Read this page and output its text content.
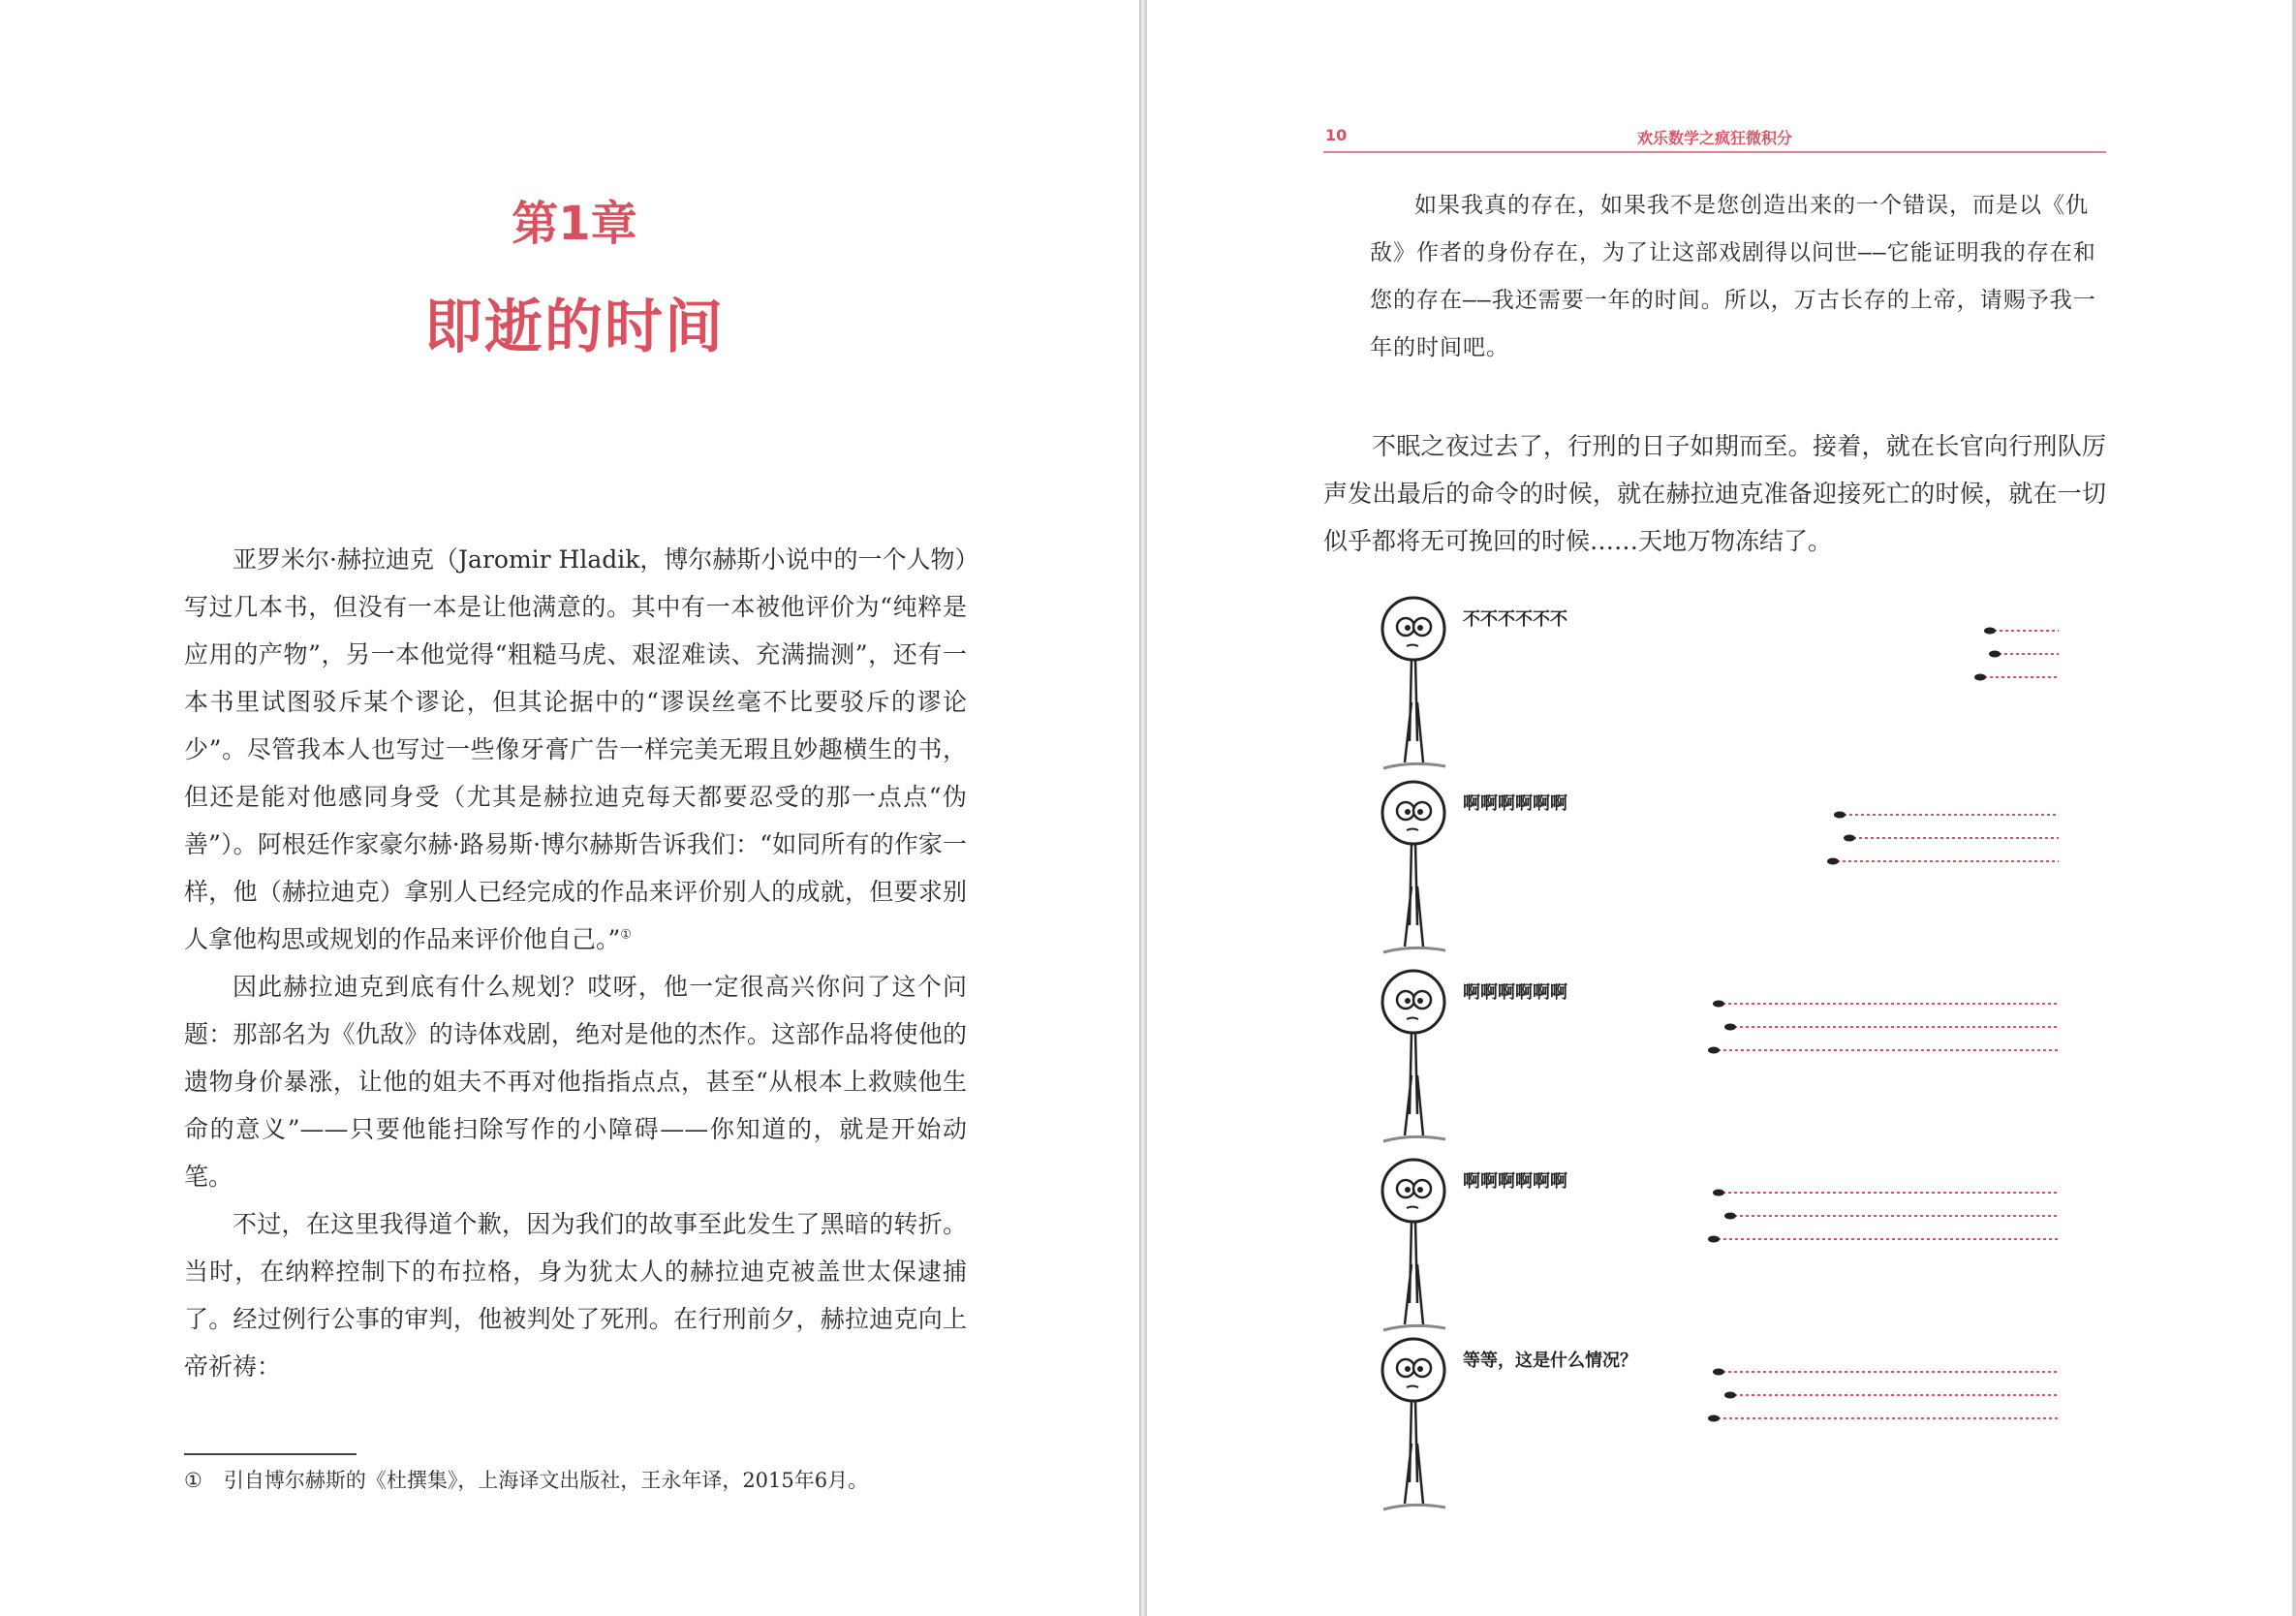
第1章
即逝的时间

亚罗米尔·赫拉迪克（Jaromir Hladik，博尔赫斯小说中的一个人物）写过几本书，但没有一本是让他满意的。其中有一本被他评价为“纯粹是应用的产物”，另一本他觉得“粗糙马虎、艰涩难读、充满揣测”，还有一本书里试图驳斥某个谬论，但其论据中的“谬误丝毫不比要驳斥的谬论少”。尽管我本人也写过一些像牙膏广告一样完美无瑕且妙趣横生的书，但还是能对他感同身受（尤其是赫拉迪克每天都要忍受的那一点点“伪善”）。阿根廷作家豪尔赫·路易斯·博尔赫斯告诉我们：“如同所有的作家一样，他（赫拉迪克）拿别人已经完成的作品来评价别人的成就，但要求别人拿他构思或规划的作品来评价他自己。”①

因此赫拉迪克到底有什么规划？哎呀，他一定很高兴你问了这个问题：那部名为《仇敌》的诗体戏剧，绝对是他的杰作。这部作品将使他的遗物身价暴涨，让他的姐夫不再对他指指点点，甚至“从根本上救赎他生命的意义”——只要他能扫除写作的小障碍——你知道的，就是开始动笔。

不过，在这里我得道个歉，因为我们的故事至此发生了黑暗的转折。当时，在纳粹控制下的布拉格，身为犹太人的赫拉迪克被盖世太保逮捕了。经过例行公事的审判，他被判处了死刑。在行刑前夕，赫拉迪克向上帝祈祷：

① 引自博尔赫斯的《杜撰集》，上海译文出版社，王永年译，2015年6月。
10	欢乐数学之疯狂微积分

如果我真的存在，如果我不是您创造出来的一个错误，而是以《仇敌》作者的身份存在，为了让这部戏剧得以问世——它能证明我的存在和您的存在——我还需要一年的时间。所以，万古长存的上帝，请赐予我一年的时间吧。

不眠之夜过去了，行刑的日子如期而至。接着，就在长官向行刑队厉声发出最后的命令的时候，就在赫拉迪克准备迎接死亡的时候，就在一切似乎都将无可挽回的时候……天地万物冻结了。

不不不不不不
啊啊啊啊啊啊
啊啊啊啊啊啊
啊啊啊啊啊啊
等等，这是什么情况？
